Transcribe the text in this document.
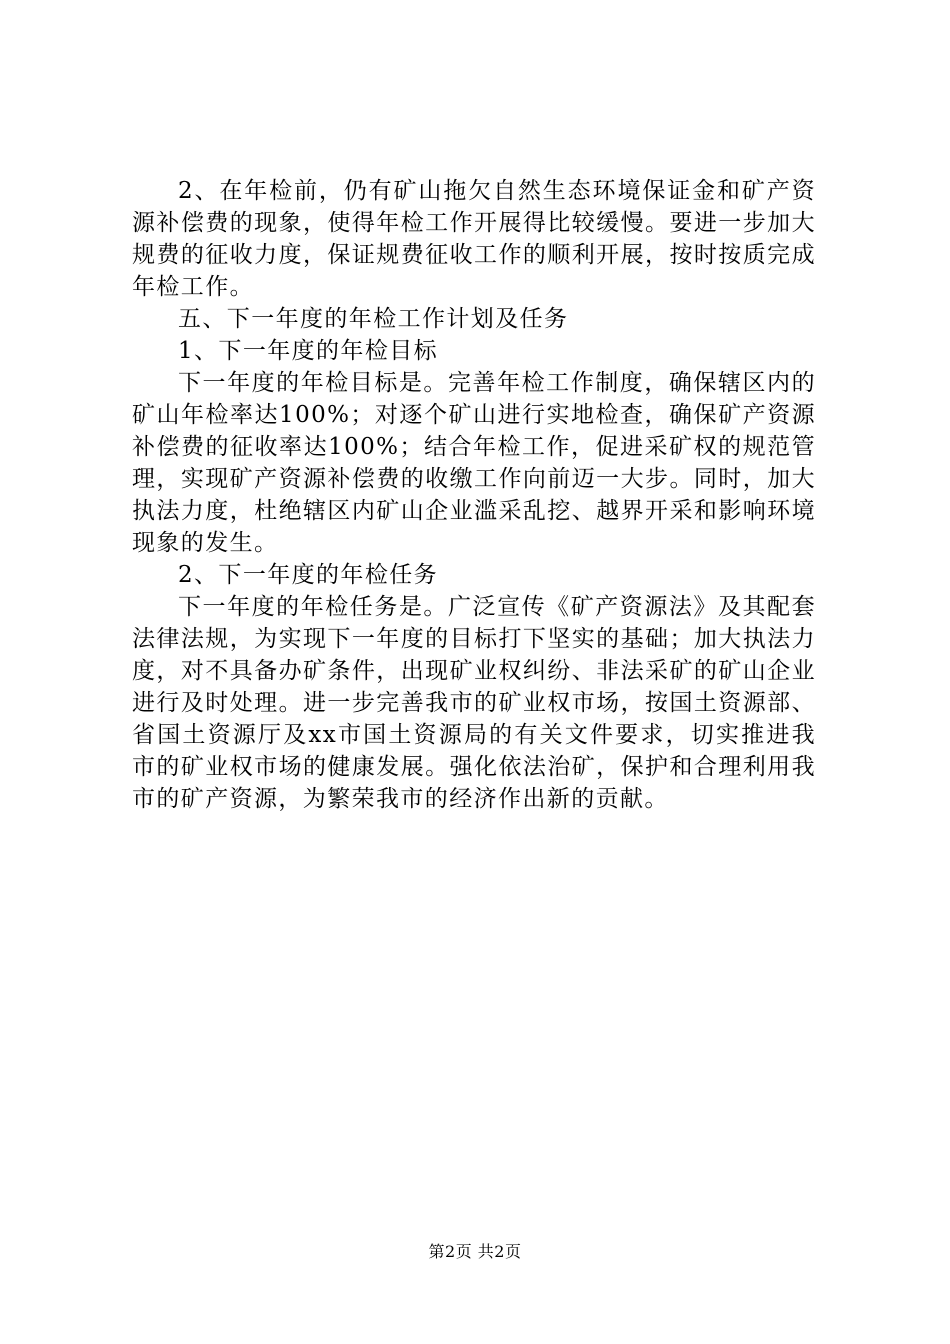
2、在年检前，仍有矿山拖欠自然生态环境保证金和矿产资源补偿费的现象，使得年检工作开展得比较缓慢。要进一步加大规费的征收力度，保证规费征收工作的顺利开展，按时按质完成年检工作。

五、下一年度的年检工作计划及任务

1、下一年度的年检目标

下一年度的年检目标是。完善年检工作制度，确保辖区内的矿山年检率达100%；对逐个矿山进行实地检查，确保矿产资源补偿费的征收率达100%；结合年检工作，促进采矿权的规范管理，实现矿产资源补偿费的收缴工作向前迈一大步。同时，加大执法力度，杜绝辖区内矿山企业滥采乱挖、越界开采和影响环境现象的发生。

2、下一年度的年检任务

下一年度的年检任务是。广泛宣传《矿产资源法》及其配套法律法规，为实现下一年度的目标打下坚实的基础；加大执法力度，对不具备办矿条件，出现矿业权纠纷、非法采矿的矿山企业进行及时处理。进一步完善我市的矿业权市场，按国土资源部、省国土资源厅及xx市国土资源局的有关文件要求，切实推进我市的矿业权市场的健康发展。强化依法治矿，保护和合理利用我市的矿产资源，为繁荣我市的经济作出新的贡献。

第2页 共2页
